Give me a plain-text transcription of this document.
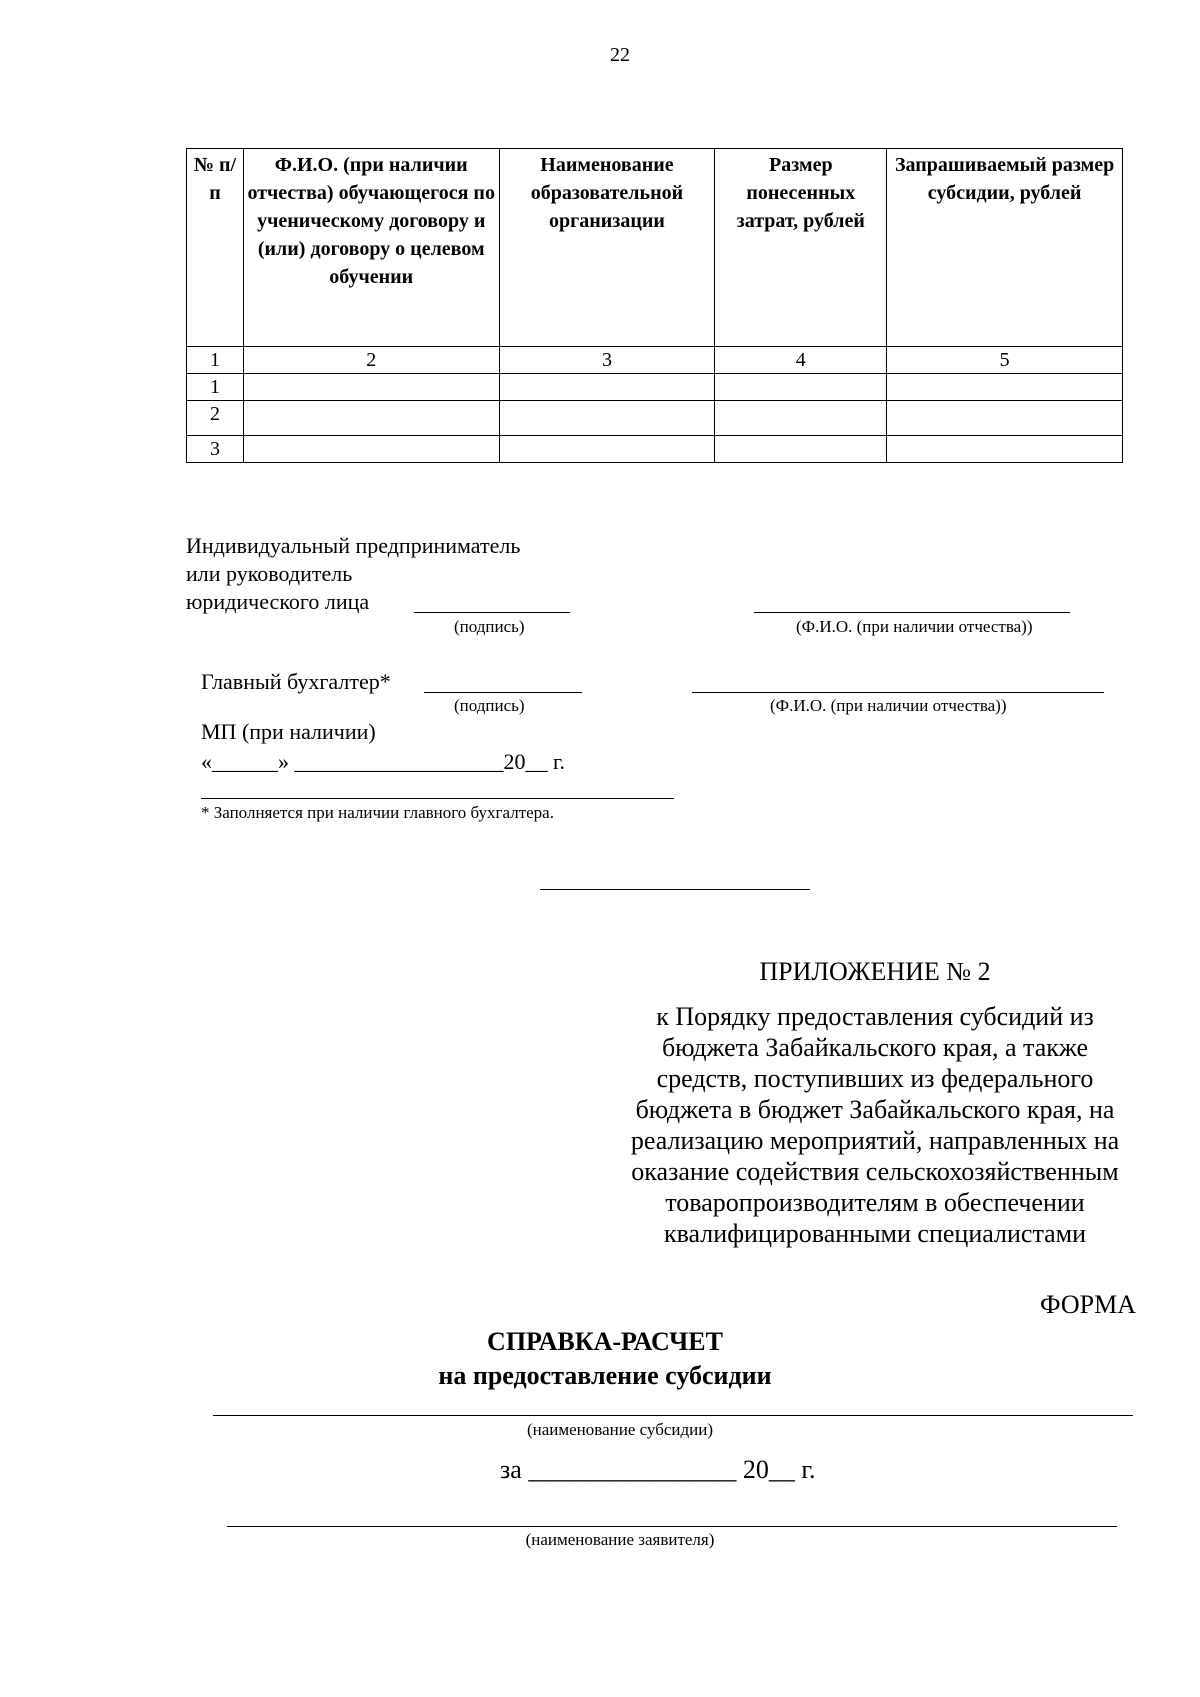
22
№ п/п	Ф.И.О. (при наличии отчества) обучающегося по ученическому договору и (или) договору о целевом обучении	Наименование образовательной организации	Размер понесенных затрат, рублей	Запрашиваемый размер субсидии, рублей
1	2	3	4	5
1				
2				
3				
Индивидуальный предприниматель
или руководитель
юридического лица
(подпись)	(Ф.И.О. (при наличии отчества))
Главный бухгалтер*
(подпись)	(Ф.И.О. (при наличии отчества))
МП (при наличии)
«______» ___________________20__ г.
* Заполняется при наличии главного бухгалтера.
ПРИЛОЖЕНИЕ № 2
к Порядку предоставления субсидий из
бюджета Забайкальского края, а также
средств, поступивших из федерального
бюджета в бюджет Забайкальского края, на
реализацию мероприятий, направленных на
оказание содействия сельскохозяйственным
товаропроизводителям в обеспечении
квалифицированными специалистами
ФОРМА
СПРАВКА-РАСЧЕТ
на предоставление субсидии
(наименование субсидии)
за ________________ 20__ г.
(наименование заявителя)
